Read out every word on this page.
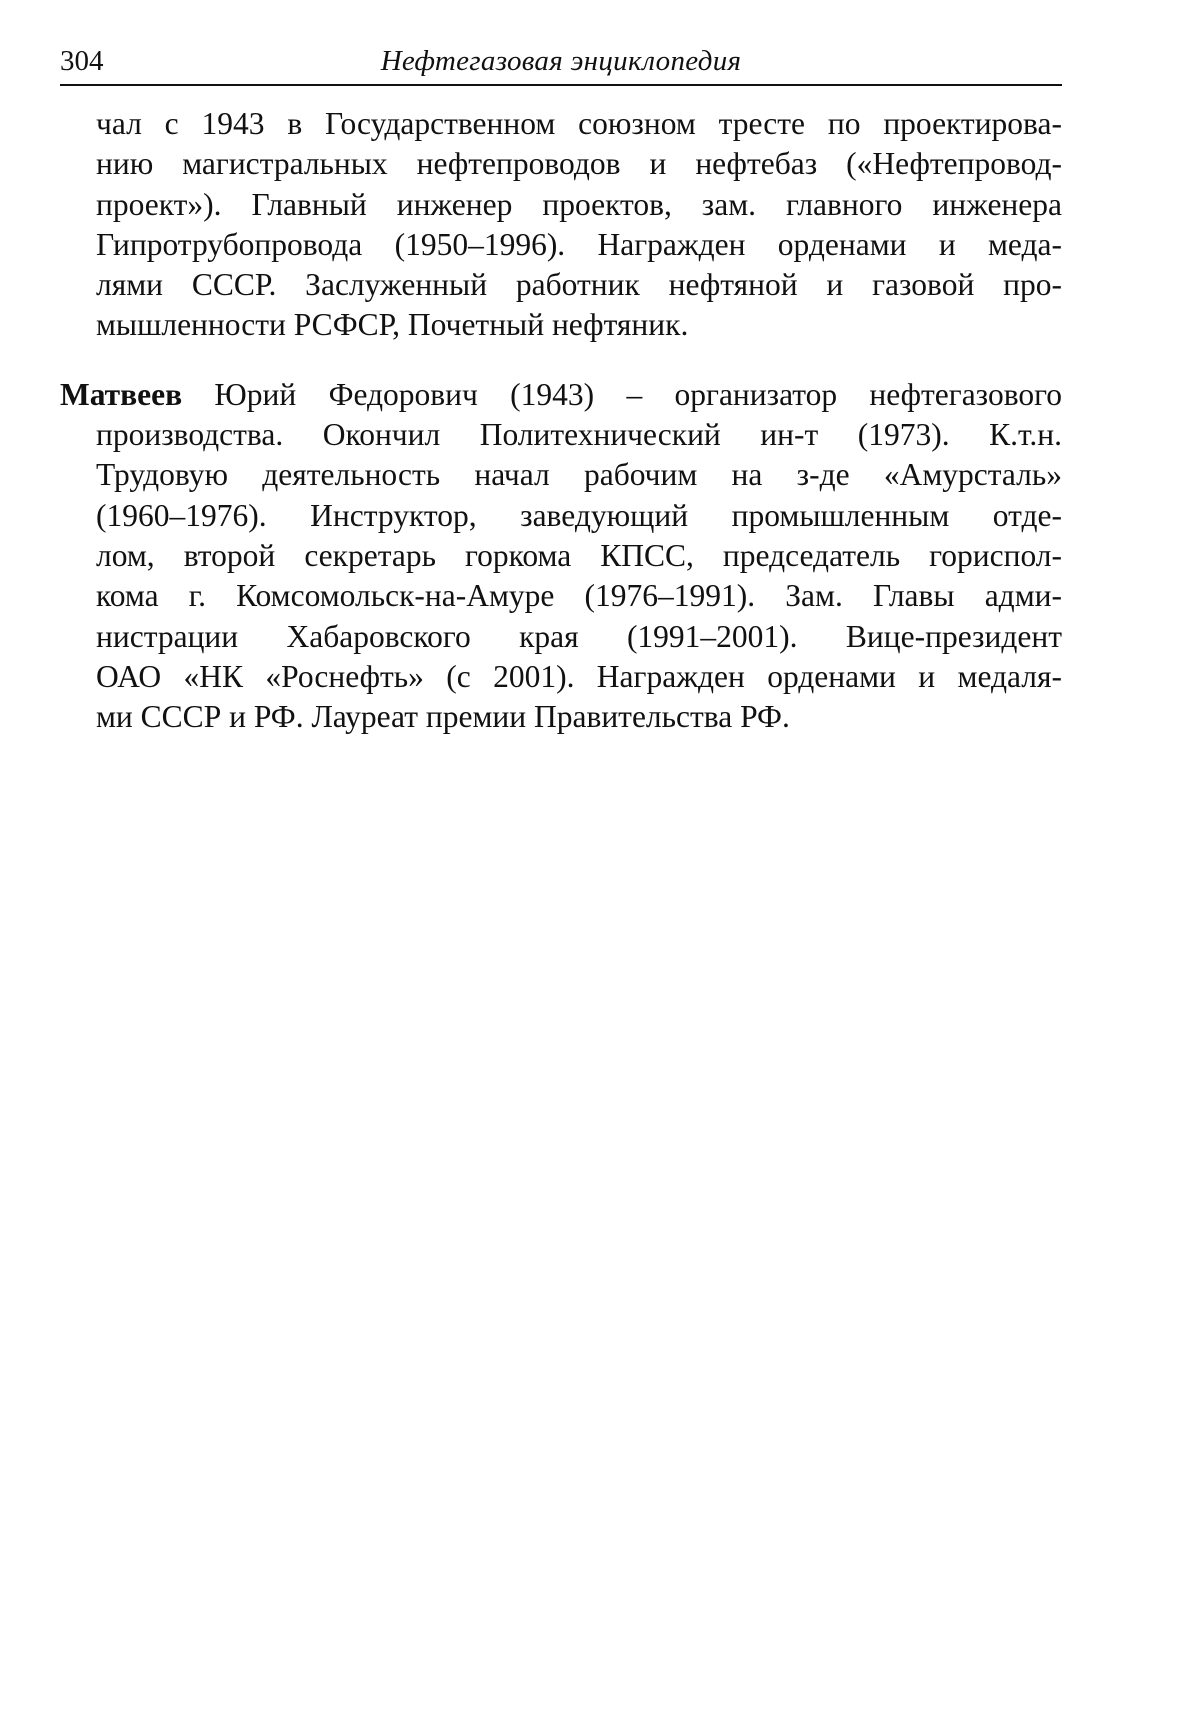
304	Нефтегазовая энциклопедия

чал с 1943 в Государственном союзном тресте по проектирова-
нию магистральных нефтепроводов и нефтебаз («Нефтепровод-
проект»). Главный инженер проектов, зам. главного инженера
Гипротрубопровода (1950–1996). Награжден орденами и меда-
лями СССР. Заслуженный работник нефтяной и газовой про-
мышленности РСФСР, Почетный нефтяник.

Матвеев Юрий Федорович (1943) – организатор нефтегазового
производства. Окончил Политехнический ин-т (1973). К.т.н.
Трудовую деятельность начал рабочим на з-де «Амурсталь»
(1960–1976). Инструктор, заведующий промышленным отде-
лом, второй секретарь горкома КПСС, председатель гориспол-
кома г. Комсомольск-на-Амуре (1976–1991). Зам. Главы адми-
нистрации Хабаровского края (1991–2001). Вице-президент
ОАО «НК «Роснефть» (с 2001). Награжден орденами и медаля-
ми СССР и РФ. Лауреат премии Правительства РФ.
